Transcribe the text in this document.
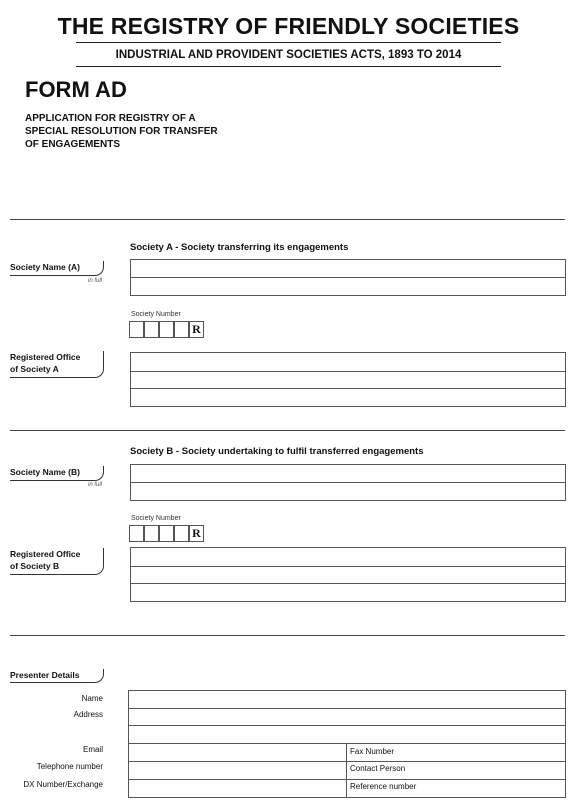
THE REGISTRY OF FRIENDLY SOCIETIES
INDUSTRIAL AND PROVIDENT SOCIETIES ACTS, 1893 TO 2014
FORM AD
APPLICATION FOR REGISTRY OF A
SPECIAL RESOLUTION FOR TRANSFER
OF ENGAGEMENTS
Society A - Society transferring its engagements
Society Name (A)
in full
Society Number
R
Registered Office
of Society A
Society B - Society undertaking to fulfil transferred engagements
Society Name (B)
in full
Society Number
R
Registered Office
of Society B
Presenter Details
Name
Address
Email
Telephone number
DX Number/Exchange
Fax Number
Contact Person
Reference number
